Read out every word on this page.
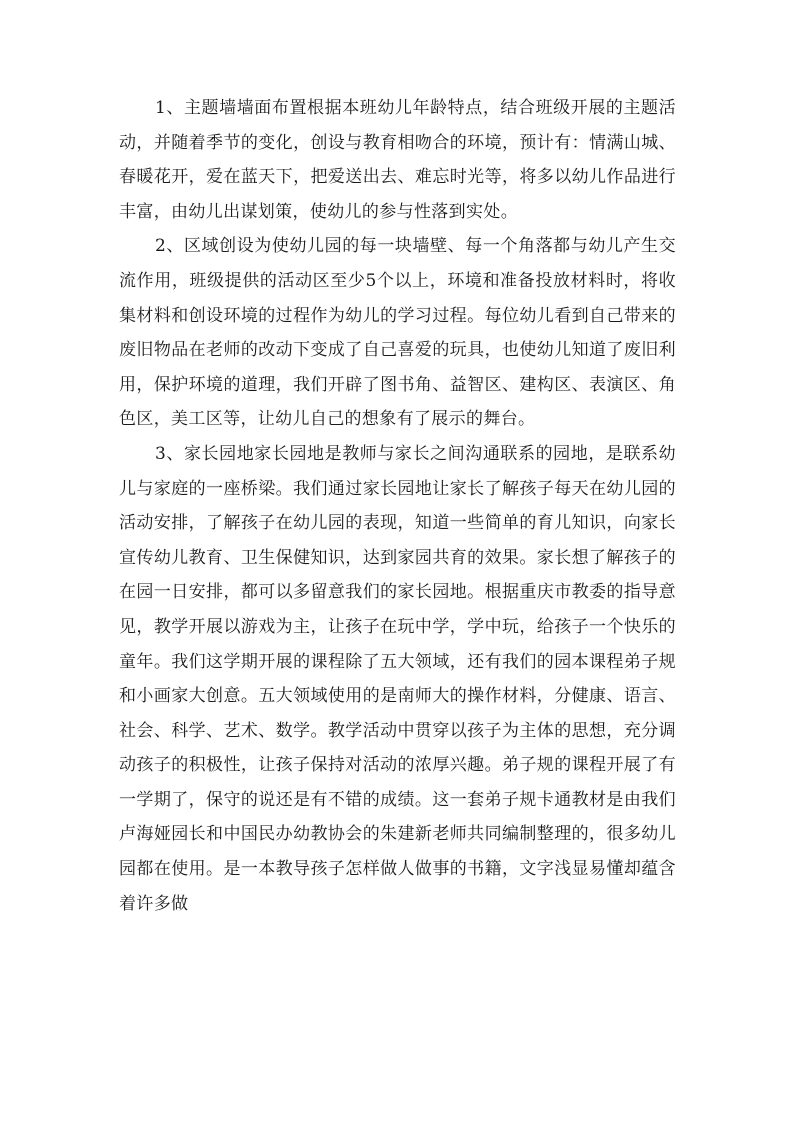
1、主题墙墙面布置根据本班幼儿年龄特点，结合班级开展的主题活动，并随着季节的变化，创设与教育相吻合的环境，预计有：情满山城、春暖花开，爱在蓝天下，把爱送出去、难忘时光等，将多以幼儿作品进行丰富，由幼儿出谋划策，使幼儿的参与性落到实处。

2、区域创设为使幼儿园的每一块墙壁、每一个角落都与幼儿产生交流作用，班级提供的活动区至少5个以上，环境和准备投放材料时，将收集材料和创设环境的过程作为幼儿的学习过程。每位幼儿看到自己带来的废旧物品在老师的改动下变成了自己喜爱的玩具，也使幼儿知道了废旧利用，保护环境的道理，我们开辟了图书角、益智区、建构区、表演区、角色区，美工区等，让幼儿自己的想象有了展示的舞台。

3、家长园地家长园地是教师与家长之间沟通联系的园地，是联系幼儿与家庭的一座桥梁。我们通过家长园地让家长了解孩子每天在幼儿园的活动安排，了解孩子在幼儿园的表现，知道一些简单的育儿知识，向家长宣传幼儿教育、卫生保健知识，达到家园共育的效果。家长想了解孩子的在园一日安排，都可以多留意我们的家长园地。根据重庆市教委的指导意见，教学开展以游戏为主，让孩子在玩中学，学中玩，给孩子一个快乐的童年。我们这学期开展的课程除了五大领域，还有我们的园本课程弟子规和小画家大创意。五大领域使用的是南师大的操作材料，分健康、语言、社会、科学、艺术、数学。教学活动中贯穿以孩子为主体的思想，充分调动孩子的积极性，让孩子保持对活动的浓厚兴趣。弟子规的课程开展了有一学期了，保守的说还是有不错的成绩。这一套弟子规卡通教材是由我们卢海娅园长和中国民办幼教协会的朱建新老师共同编制整理的，很多幼儿园都在使用。是一本教导孩子怎样做人做事的书籍，文字浅显易懂却蕴含着许多做
